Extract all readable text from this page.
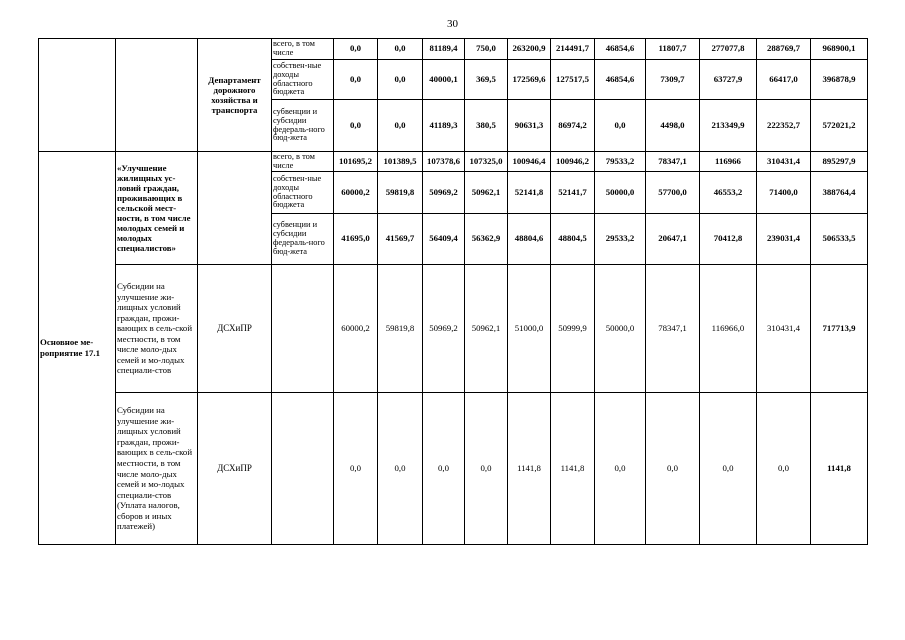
30
		Департамент дорожного хозяйства и транспорта	всего, в том числе	0,0	0,0	81189,4	750,0	263200,9	214491,7	46854,6	11807,7	277077,8	288769,7	968900,1
			собствен-ные доходы областного бюджета	0,0	0,0	40000,1	369,5	172569,6	127517,5	46854,6	7309,7	63727,9	66417,0	396878,9
			субвенции и субсидии федераль-ного бюд-жета	0,0	0,0	41189,3	380,5	90631,3	86974,2	0,0	4498,0	213349,9	222352,7	572021,2
Основное ме-роприятие 17.1	«Улучшение жилищных ус-ловий граждан, проживающих в сельской мест-ности, в том числе молодых семей и молодых специалистов»		всего, в том числе	101695,2	101389,5	107378,6	107325,0	100946,4	100946,2	79533,2	78347,1	116966	310431,4	895297,9
			собствен-ные доходы областного бюджета	60000,2	59819,8	50969,2	50962,1	52141,8	52141,7	50000,0	57700,0	46553,2	71400,0	388764,4
			субвенции и субсидии федераль-ного бюд-жета	41695,0	41569,7	56409,4	56362,9	48804,6	48804,5	29533,2	20647,1	70412,8	239031,4	506533,5
	Субсидии на улучшение жи-лищных условий граждан, прожи-вающих в сель-ской местности, в том числе моло-дых семей и мо-лодых специали-стов	ДСХиПР		60000,2	59819,8	50969,2	50962,1	51000,0	50999,9	50000,0	78347,1	116966,0	310431,4	717713,9
	Субсидии на улучшение жи-лищных условий граждан, прожи-вающих в сель-ской местности, в том числе моло-дых семей и мо-лодых специали-стов (Уплата налогов, сборов и иных платежей)	ДСХиПР		0,0	0,0	0,0	0,0	1141,8	1141,8	0,0	0,0	0,0	0,0	1141,8
